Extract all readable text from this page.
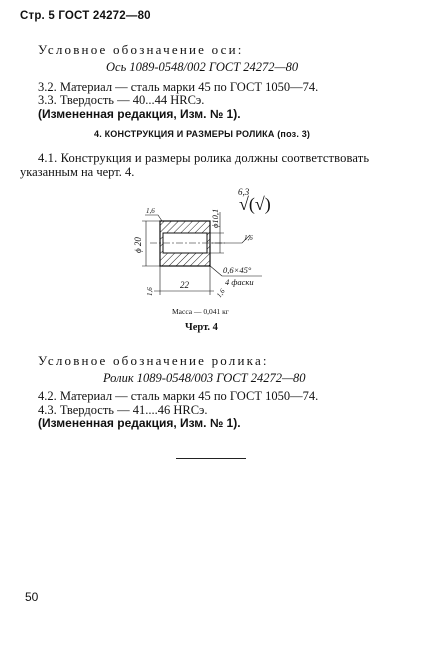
Стр. 5 ГОСТ 24272—80
Условное обозначение оси:
Ось 1089-0548/002 ГОСТ 24272—80
3.2. Материал — сталь марки 45 по ГОСТ 1050—74.
3.3. Твердость — 40...44 HRCэ.
(Измененная редакция, Изм. № 1).
4. КОНСТРУКЦИЯ И РАЗМЕРЫ РОЛИКА (поз. 3)
4.1. Конструкция и размеры ролика должны соответствовать
указанным на черт. 4.
6,3
√(√)
ϕ 20
ϕ10,1
1,6
1,6
0,6×45°
4 фаски
22
1,6	1,6
Масса — 0,041 кг
Черт. 4
Условное обозначение ролика:
Ролик 1089-0548/003 ГОСТ 24272—80
4.2. Материал — сталь марки 45 по ГОСТ 1050—74.
4.3. Твердость — 41....46 HRCэ.
(Измененная редакция, Изм. № 1).
50
